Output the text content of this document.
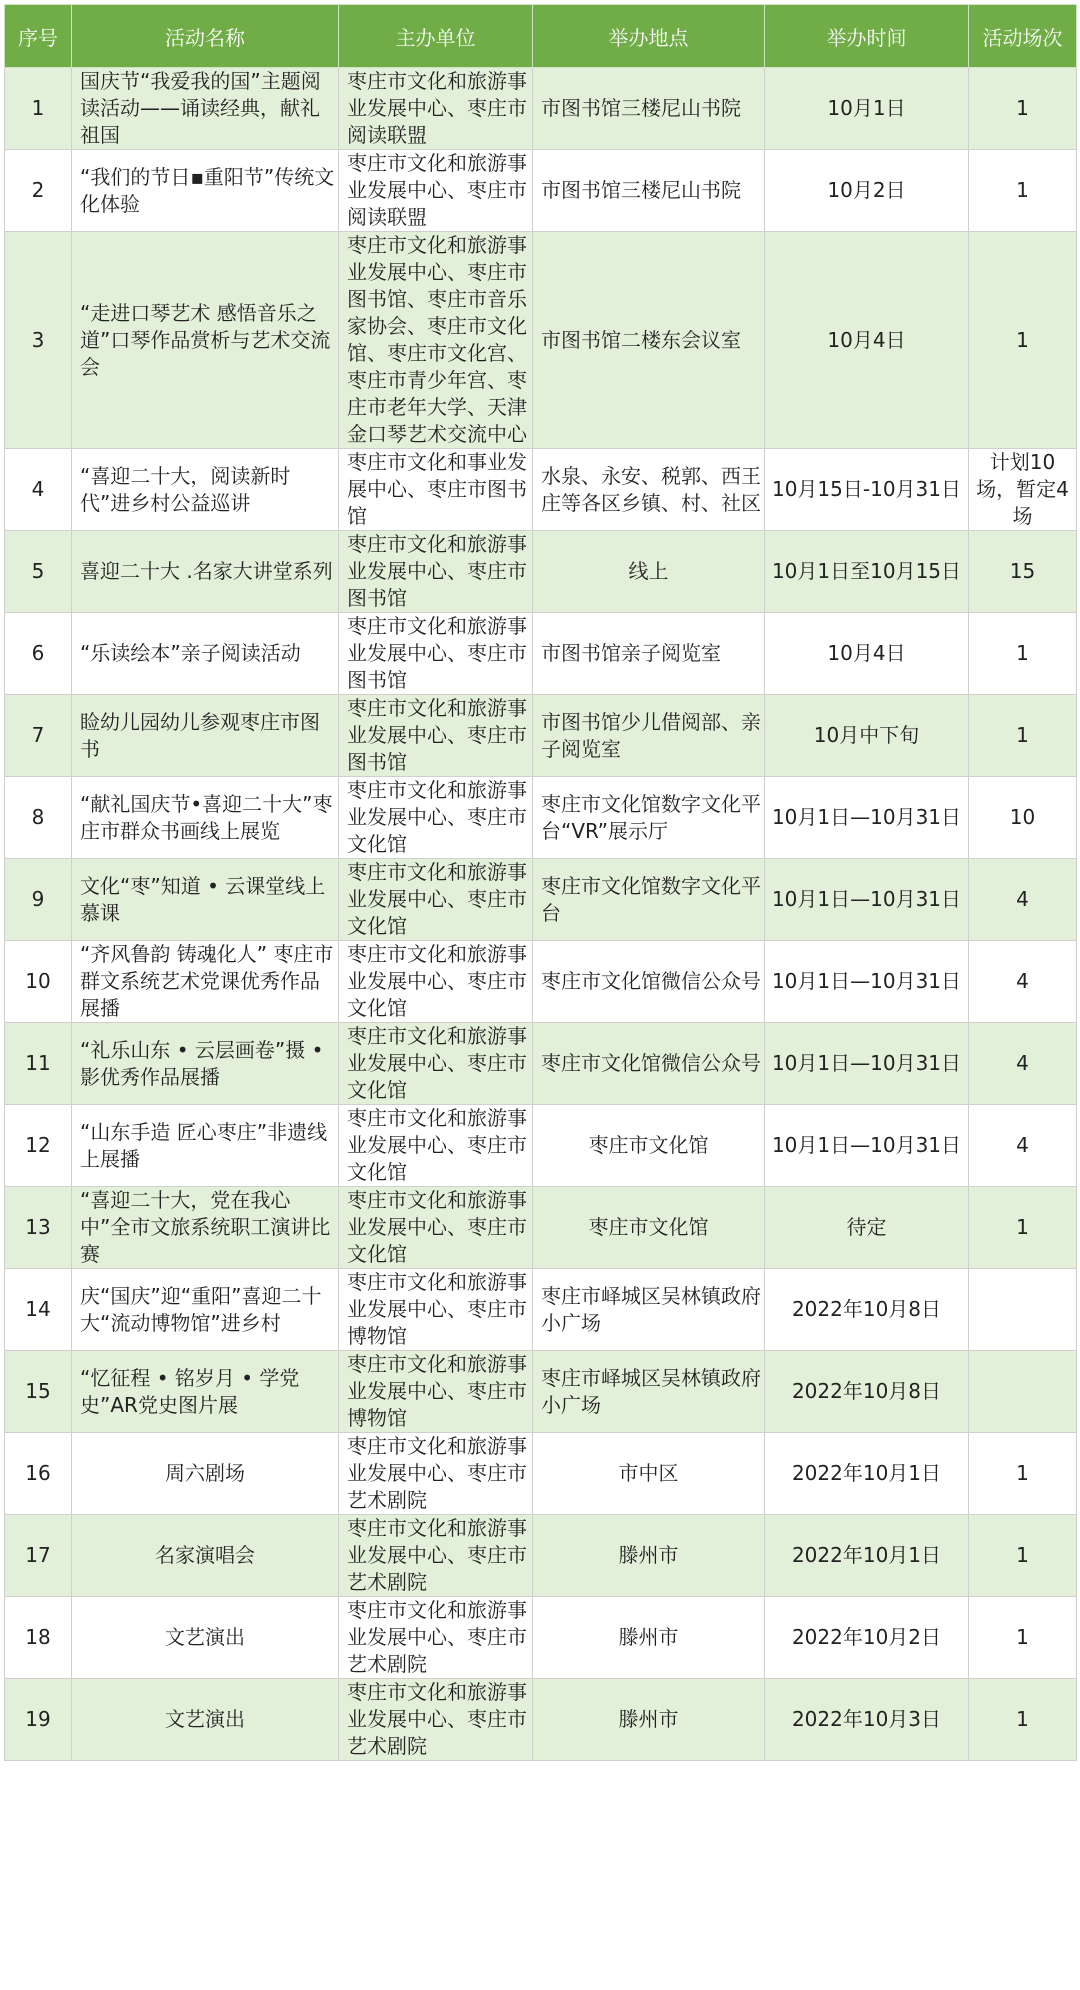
序号	活动名称	主办单位	举办地点	举办时间	活动场次
1	国庆节“我爱我的国”主题阅读活动——诵读经典，献礼祖国	枣庄市文化和旅游事业发展中心、枣庄市阅读联盟	市图书馆三楼尼山书院	10月1日	1
2	“我们的节日▪重阳节”传统文化体验	枣庄市文化和旅游事业发展中心、枣庄市阅读联盟	市图书馆三楼尼山书院	10月2日	1
3	“走进口琴艺术 感悟音乐之道”口琴作品赏析与艺术交流会	枣庄市文化和旅游事业发展中心、枣庄市图书馆、枣庄市音乐家协会、枣庄市文化馆、枣庄市文化宫、枣庄市青少年宫、枣庄市老年大学、天津金口琴艺术交流中心	市图书馆二楼东会议室	10月4日	1
4	“喜迎二十大，阅读新时代”进乡村公益巡讲	枣庄市文化和事业发展中心、枣庄市图书馆	水泉、永安、税郭、西王庄等各区乡镇、村、社区	10月15日-10月31日	计划10场，暂定4场
5	喜迎二十大 .名家大讲堂系列	枣庄市文化和旅游事业发展中心、枣庄市图书馆	线上	10月1日至10月15日	15
6	“乐读绘本”亲子阅读活动	枣庄市文化和旅游事业发展中心、枣庄市图书馆	市图书馆亲子阅览室	10月4日	1
7	睑幼儿园幼儿参观枣庄市图书	枣庄市文化和旅游事业发展中心、枣庄市图书馆	市图书馆少儿借阅部、亲子阅览室	10月中下旬	1
8	“献礼国庆节•喜迎二十大”枣庄市群众书画线上展览	枣庄市文化和旅游事业发展中心、枣庄市文化馆	枣庄市文化馆数字文化平台“VR”展示厅	10月1日—10月31日	10
9	文化“枣”知道 • 云课堂线上慕课	枣庄市文化和旅游事业发展中心、枣庄市文化馆	枣庄市文化馆数字文化平台	10月1日—10月31日	4
10	“齐风鲁韵 铸魂化人” 枣庄市群文系统艺术党课优秀作品展播	枣庄市文化和旅游事业发展中心、枣庄市文化馆	枣庄市文化馆微信公众号	10月1日—10月31日	4
11	“礼乐山东 • 云层画卷”摄 • 影优秀作品展播	枣庄市文化和旅游事业发展中心、枣庄市文化馆	枣庄市文化馆微信公众号	10月1日—10月31日	4
12	“山东手造 匠心枣庄”非遗线上展播	枣庄市文化和旅游事业发展中心、枣庄市文化馆	枣庄市文化馆	10月1日—10月31日	4
13	“喜迎二十大，党在我心中”全市文旅系统职工演讲比赛	枣庄市文化和旅游事业发展中心、枣庄市文化馆	枣庄市文化馆	待定	1
14	庆“国庆”迎“重阳”喜迎二十大“流动博物馆”进乡村	枣庄市文化和旅游事业发展中心、枣庄市博物馆	枣庄市峄城区吴林镇政府小广场	2022年10月8日	
15	“忆征程 • 铭岁月 • 学党史”AR党史图片展	枣庄市文化和旅游事业发展中心、枣庄市博物馆	枣庄市峄城区吴林镇政府小广场	2022年10月8日	
16	周六剧场	枣庄市文化和旅游事业发展中心、枣庄市艺术剧院	市中区	2022年10月1日	1
17	名家演唱会	枣庄市文化和旅游事业发展中心、枣庄市艺术剧院	滕州市	2022年10月1日	1
18	文艺演出	枣庄市文化和旅游事业发展中心、枣庄市艺术剧院	滕州市	2022年10月2日	1
19	文艺演出	枣庄市文化和旅游事业发展中心、枣庄市艺术剧院	滕州市	2022年10月3日	1
